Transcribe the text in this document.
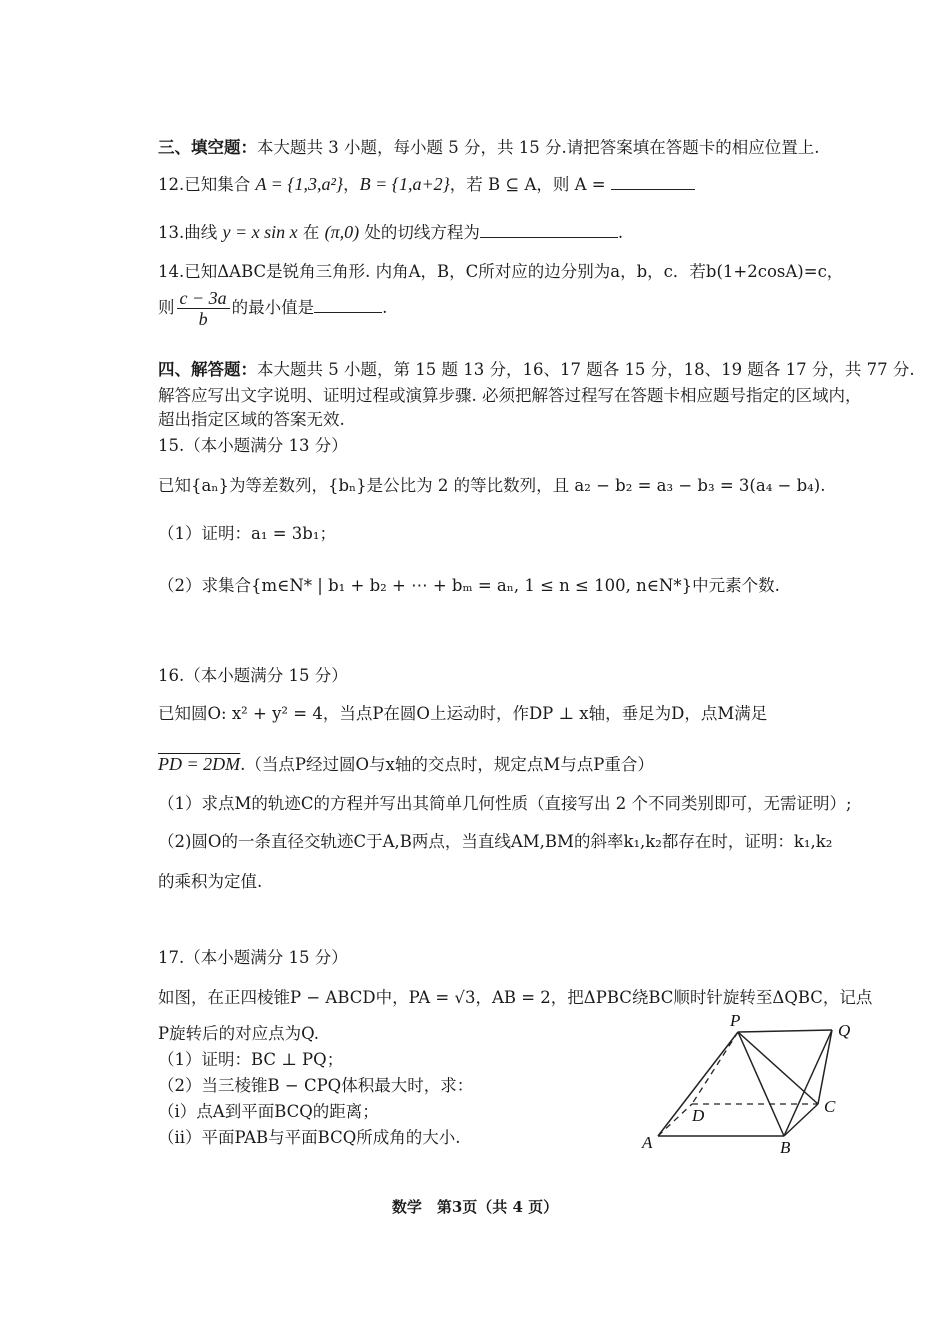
三、填空题：本大题共 3 小题，每小题 5 分，共 15 分.请把答案填在答题卡的相应位置上.
12.已知集合 A = {1,3,a²}，B = {1,a+2}，若 B ⊆ A，则 A =
13.曲线 y = x sin x 在 (π,0) 处的切线方程为	.
14.已知ΔABC是锐角三角形. 内角A，B，C所对应的边分别为a，b，c．若b(1+2cosA)=c，
则 $\frac{c - 3a}{b}$ 的最小值是	.
四、解答题：本大题共 5 小题，第 15 题 13 分，16、17 题各 15 分，18、19 题各 17 分，共 77 分.
解答应写出文字说明、证明过程或演算步骤. 必须把解答过程写在答题卡相应题号指定的区域内，
超出指定区域的答案无效.
15.（本小题满分 13 分）
已知{aₙ}为等差数列，{bₙ}是公比为 2 的等比数列，且 a₂ − b₂ = a₃ − b₃ = 3(a₄ − b₄).
（1）证明：a₁ = 3b₁；
（2）求集合{m∈N* | b₁ + b₂ + ⋯ + bₘ = aₙ, 1 ≤ n ≤ 100, n∈N*}中元素个数.
16.（本小题满分 15 分）
已知圆O: x² + y² = 4，当点P在圆O上运动时，作DP ⊥ x轴，垂足为D，点M满足
PD = 2DM.（当点P经过圆O与x轴的交点时，规定点M与点P重合）
（1）求点M的轨迹C的方程并写出其简单几何性质（直接写出 2 个不同类别即可，无需证明）;
（2)圆O的一条直径交轨迹C于A,B两点，当直线AM,BM的斜率k₁,k₂都存在时，证明：k₁,k₂
的乘积为定值.
17.（本小题满分 15 分）
如图，在正四棱锥P − ABCD中，PA = √3，AB = 2，把ΔPBC绕BC顺时针旋转至ΔQBC，记点
P旋转后的对应点为Q.
（1）证明：BC ⊥ PQ；
（2）当三棱锥B − CPQ体积最大时，求：
（i）点A到平面BCQ的距离；
（ii）平面PAB与平面BCQ所成角的大小.
P
Q
A	B
C
D
数学　第3页（共 4 页）
